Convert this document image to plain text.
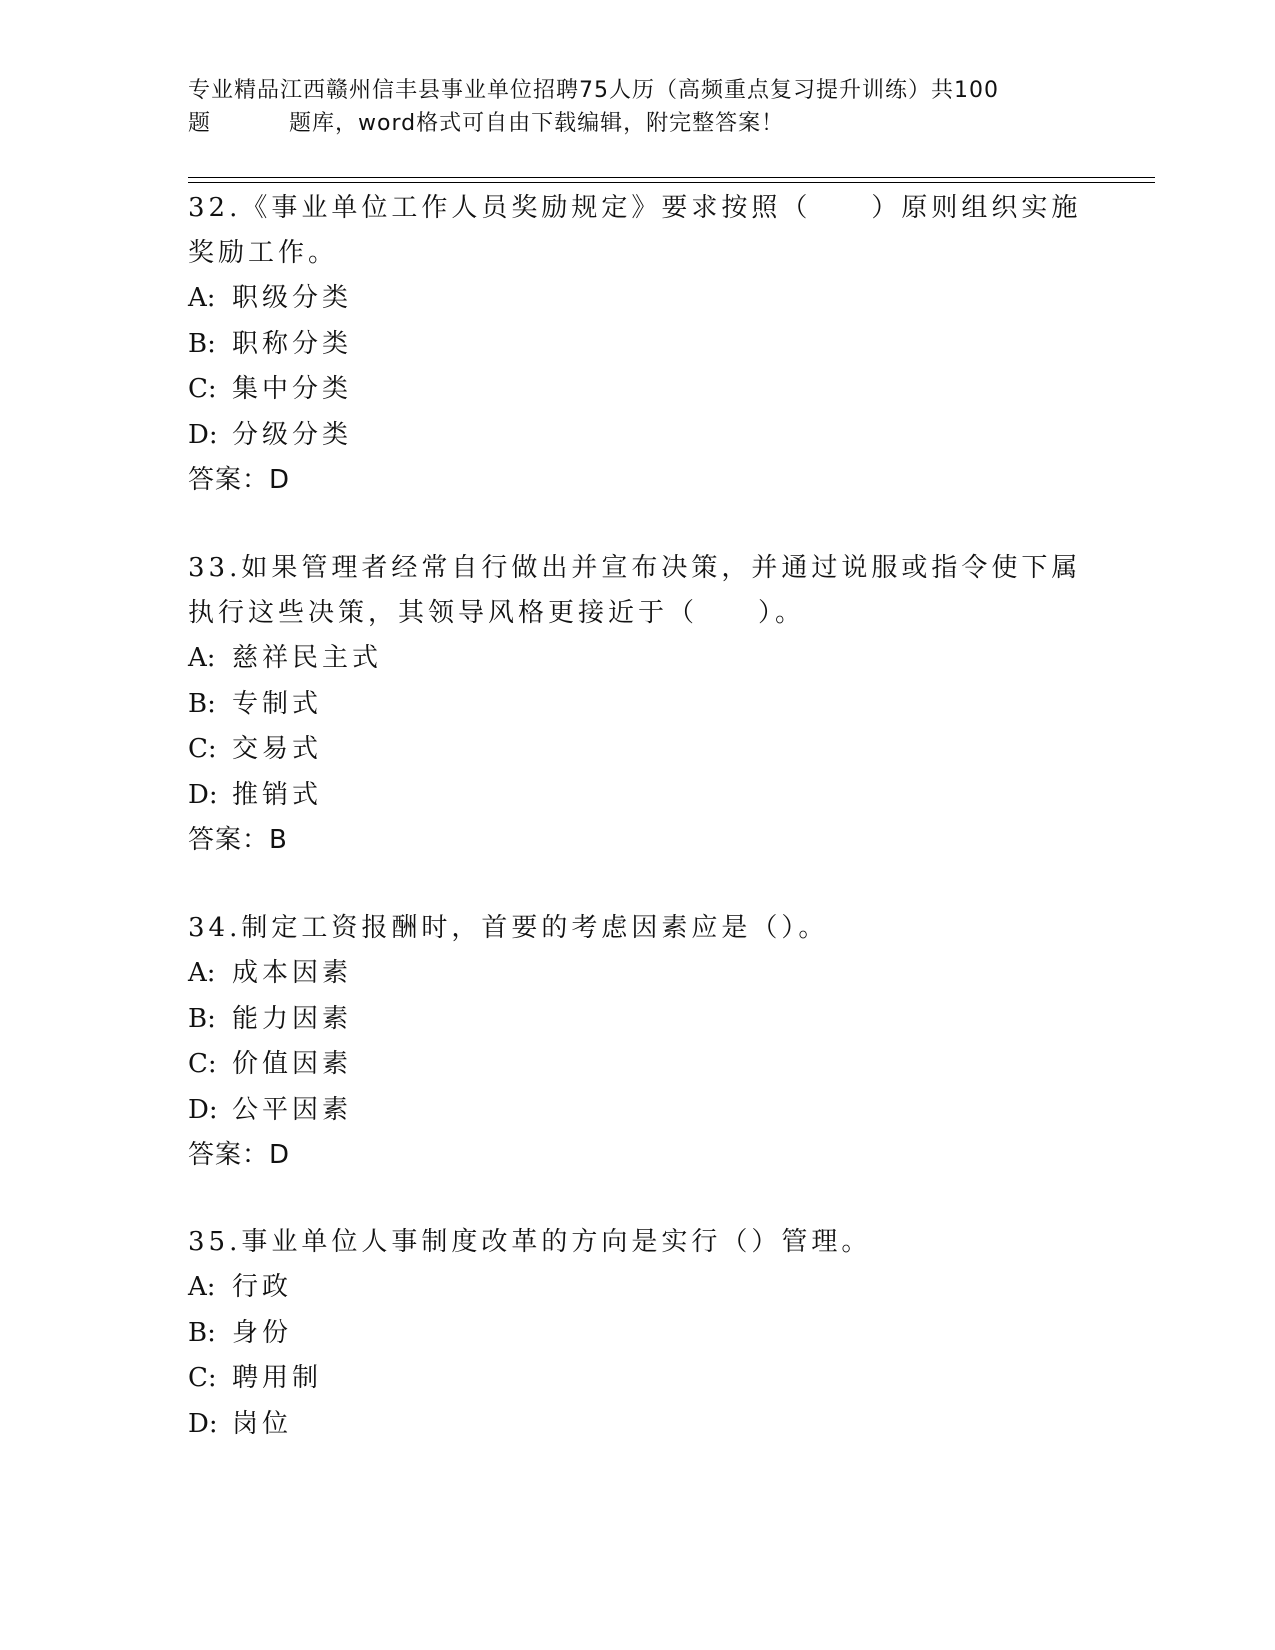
专业精品江西赣州信丰县事业单位招聘75人历（高频重点复习提升训练）共100
题	题库，word格式可自由下载编辑，附完整答案！

32.《事业单位工作人员奖励规定》要求按照（　　）原则组织实施奖励工作。

A: 职级分类

B: 职称分类

C: 集中分类

D: 分级分类

答案：D

33.如果管理者经常自行做出并宣布决策，并通过说服或指令使下属执行这些决策，其领导风格更接近于（　　）。

A: 慈祥民主式

B: 专制式

C: 交易式

D: 推销式

答案：B

34.制定工资报酬时，首要的考虑因素应是（）。

A: 成本因素

B: 能力因素

C: 价值因素

D: 公平因素

答案：D

35.事业单位人事制度改革的方向是实行（）管理。

A: 行政

B: 身份

C: 聘用制

D: 岗位
